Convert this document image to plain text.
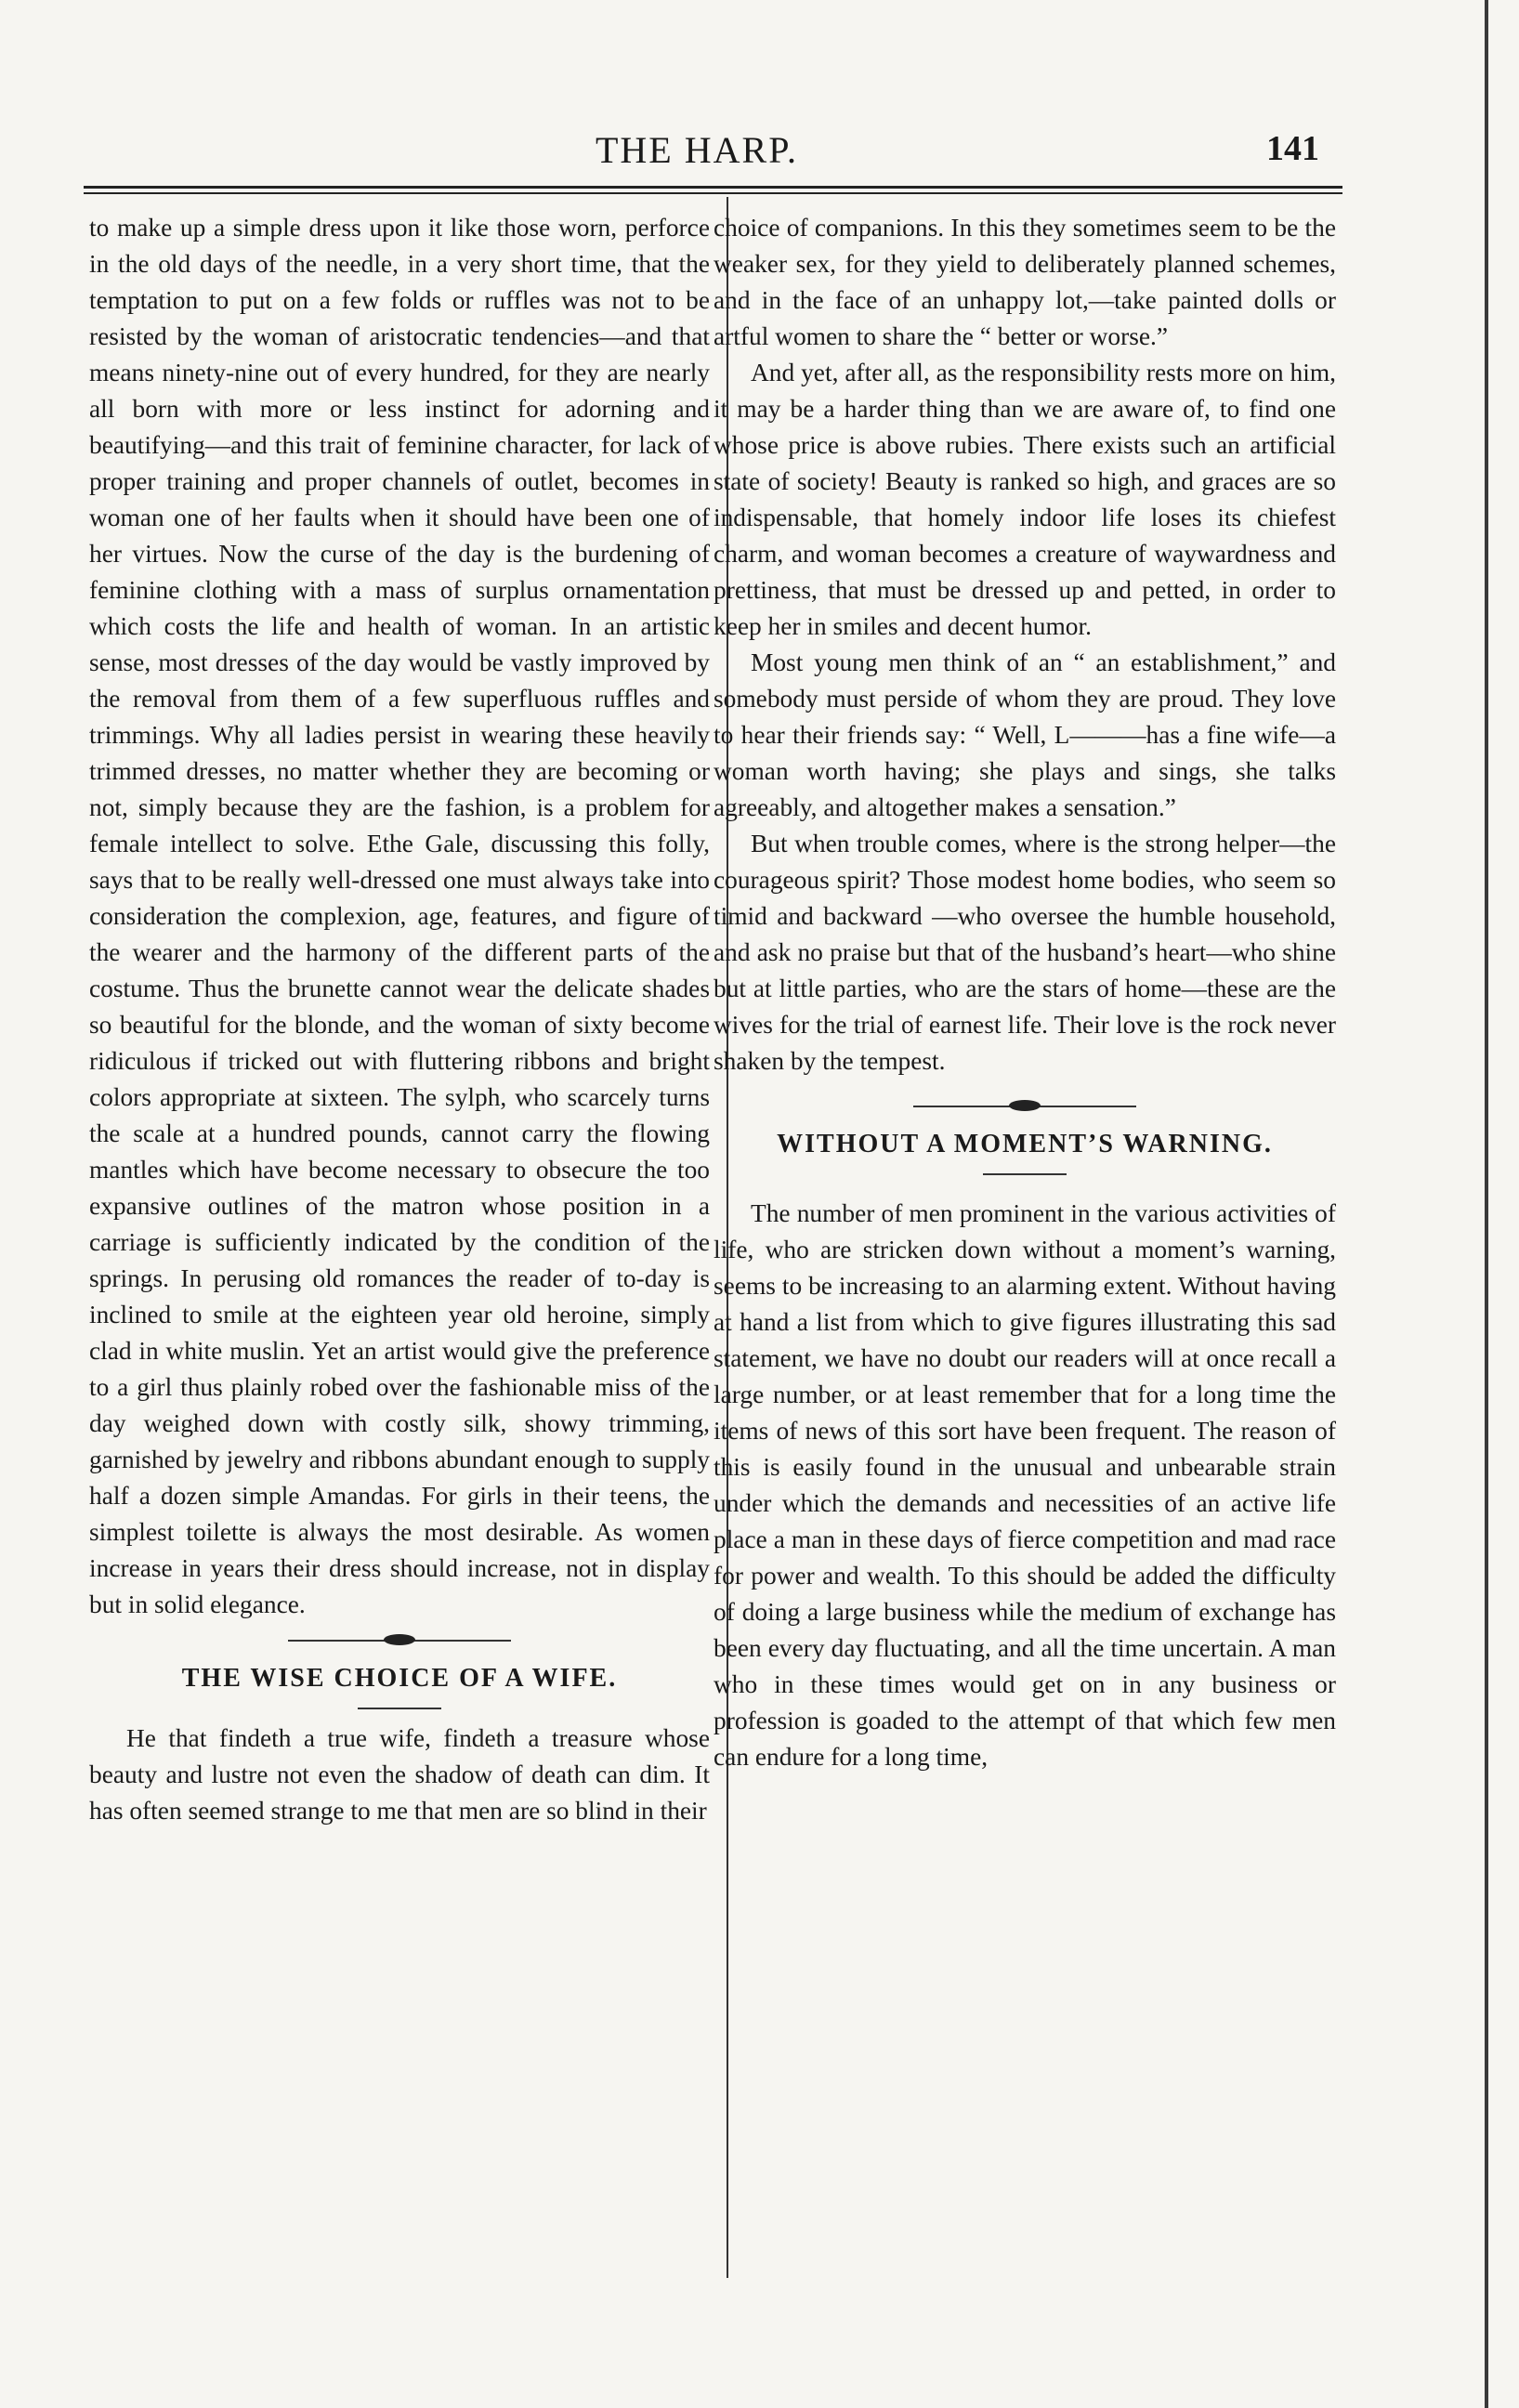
THE HARP.	141

to make up a simple dress upon it like those worn, perforce in the old days of the needle, in a very short time, that the temptation to put on a few folds or ruffles was not to be resisted by the woman of aristocratic tendencies—and that means ninety-nine out of every hundred, for they are nearly all born with more or less instinct for adorning and beautifying—and this trait of feminine character, for lack of proper training and proper channels of outlet, becomes in woman one of her faults when it should have been one of her virtues. Now the curse of the day is the burdening of feminine clothing with a mass of surplus ornamentation which costs the life and health of woman. In an artistic sense, most dresses of the day would be vastly improved by the removal from them of a few superfluous ruffles and trimmings. Why all ladies persist in wearing these heavily trimmed dresses, no matter whether they are becoming or not, simply because they are the fashion, is a problem for female intellect to solve. Ethe Gale, discussing this folly, says that to be really well-dressed one must always take into consideration the complexion, age, features, and figure of the wearer and the harmony of the different parts of the costume. Thus the brunette cannot wear the delicate shades so beautiful for the blonde, and the woman of sixty become ridiculous if tricked out with fluttering ribbons and bright colors appropriate at sixteen. The sylph, who scarcely turns the scale at a hundred pounds, cannot carry the flowing mantles which have become necessary to obsecure the too expansive outlines of the matron whose position in a carriage is sufficiently indicated by the condition of the springs. In perusing old romances the reader of to-day is inclined to smile at the eighteen year old heroine, simply clad in white muslin. Yet an artist would give the preference to a girl thus plainly robed over the fashionable miss of the day weighed down with costly silk, showy trimming, garnished by jewelry and ribbons abundant enough to supply half a dozen simple Amandas. For girls in their teens, the simplest toilette is always the most desirable. As women increase in years their dress should increase, not in display but in solid elegance.

THE WISE CHOICE OF A WIFE.

He that findeth a true wife, findeth a treasure whose beauty and lustre not even the shadow of death can dim. It has often seemed strange to me that men are so blind in their

choice of companions. In this they sometimes seem to be the weaker sex, for they yield to deliberately planned schemes, and in the face of an unhappy lot,—take painted dolls or artful women to share the “ better or worse.”

And yet, after all, as the responsibility rests more on him, it may be a harder thing than we are aware of, to find one whose price is above rubies. There exists such an artificial state of society! Beauty is ranked so high, and graces are so indispensable, that homely indoor life loses its chiefest charm, and woman becomes a creature of waywardness and prettiness, that must be dressed up and petted, in order to keep her in smiles and decent humor.

Most young men think of an “ an establishment,” and somebody must perside of whom they are proud. They love to hear their friends say: “ Well, L———has a fine wife—a woman worth having; she plays and sings, she talks agreeably, and altogether makes a sensation.”

But when trouble comes, where is the strong helper—the courageous spirit? Those modest home bodies, who seem so timid and backward —who oversee the humble household, and ask no praise but that of the husband’s heart—who shine but at little parties, who are the stars of home—these are the wives for the trial of earnest life. Their love is the rock never shaken by the tempest.

WITHOUT A MOMENT’S WARNING.

The number of men prominent in the various activities of life, who are stricken down without a moment’s warning, seems to be increasing to an alarming extent. Without having at hand a list from which to give figures illustrating this sad statement, we have no doubt our readers will at once recall a large number, or at least remember that for a long time the items of news of this sort have been frequent. The reason of this is easily found in the unusual and unbearable strain under which the demands and necessities of an active life place a man in these days of fierce competition and mad race for power and wealth. To this should be added the difficulty of doing a large business while the medium of exchange has been every day fluctuating, and all the time uncertain. A man who in these times would get on in any business or profession is goaded to the attempt of that which few men can endure for a long time,
